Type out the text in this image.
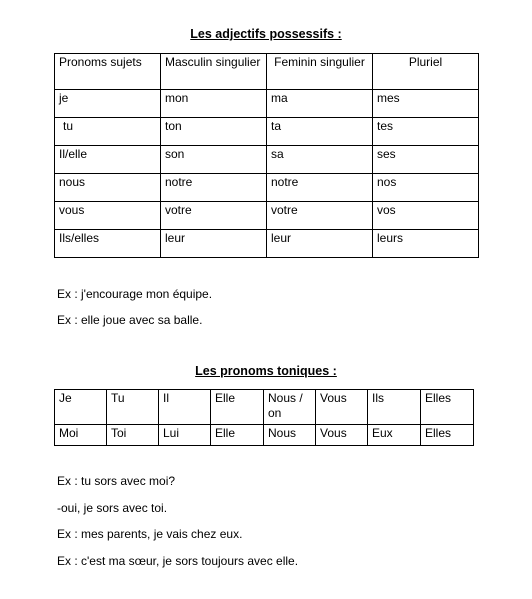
Les adjectifs possessifs :
Pronoms sujets	Masculin singulier	Feminin singulier	Pluriel
je	mon	ma	mes
tu	ton	ta	tes
Il/elle	son	sa	ses
nous	notre	notre	nos
vous	votre	votre	vos
Ils/elles	leur	leur	leurs
Ex : j'encourage mon équipe.
Ex : elle joue avec sa balle.
Les pronoms toniques :
Je	Tu	Il	Elle	Nous / on	Vous	Ils	Elles
Moi	Toi	Lui	Elle	Nous	Vous	Eux	Elles
Ex : tu sors avec moi?
-oui, je sors avec toi.
Ex : mes parents, je vais chez eux.
Ex : c'est ma sœur, je sors toujours avec elle.
